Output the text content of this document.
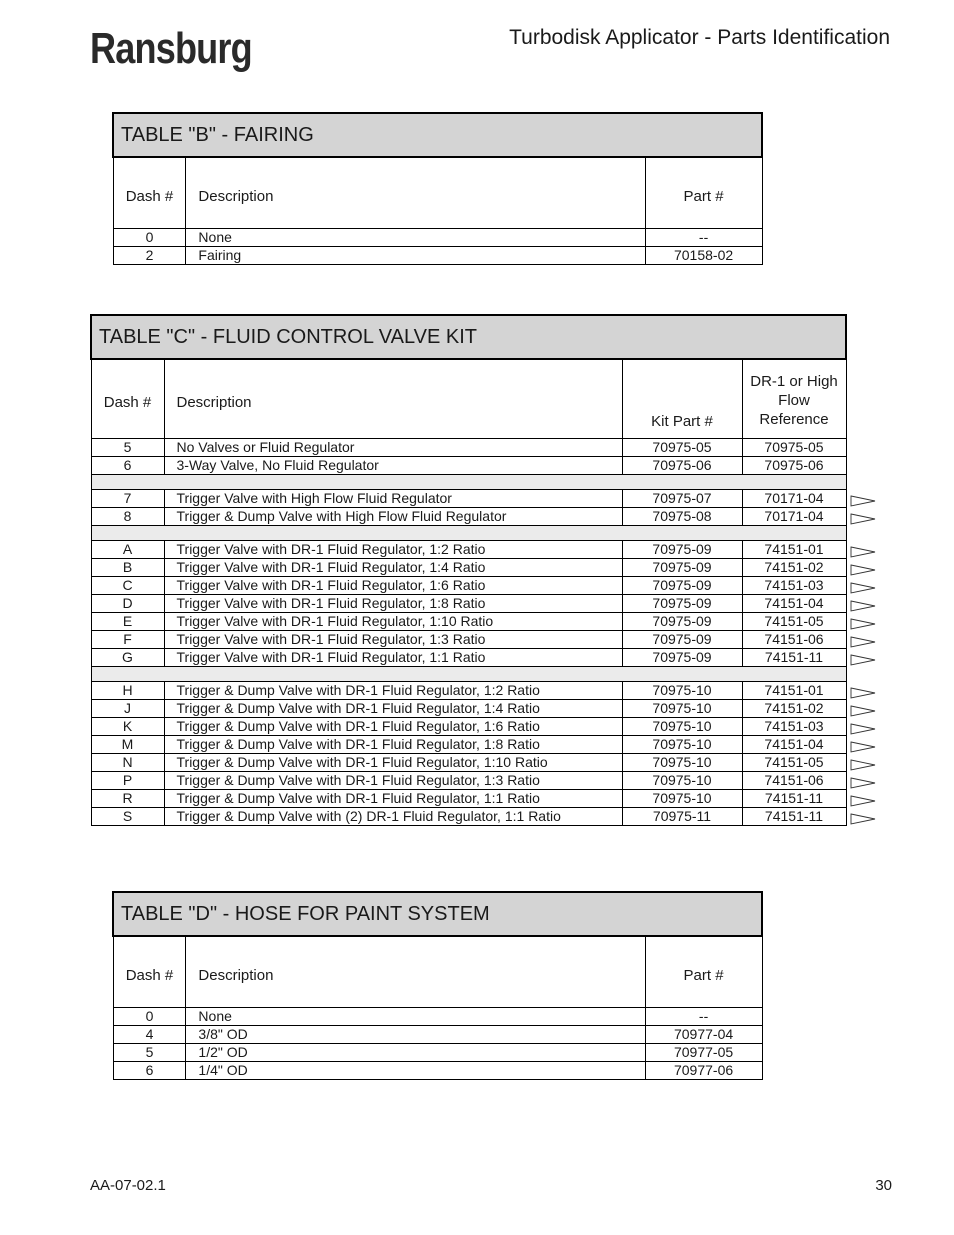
Ransburg	Turbodisk Applicator - Parts Identification
TABLE "B" - FAIRING		
Dash #	Description	Part #
0	None	--
2	Fairing	70158-02
TABLE "C" - FLUID CONTROL VALVE KIT			
Dash #	Description	Kit Part #	DR-1 or High Flow Reference
5	No Valves or Fluid Regulator	70975-05	70975-05
6	3-Way Valve, No Fluid Regulator	70975-06	70975-06

7	Trigger Valve with High Flow Fluid Regulator	70975-07	70171-04
8	Trigger & Dump Valve with High Flow Fluid Regulator	70975-08	70171-04

A	Trigger Valve with DR-1 Fluid Regulator, 1:2 Ratio	70975-09	74151-01
B	Trigger Valve with DR-1 Fluid Regulator, 1:4 Ratio	70975-09	74151-02
C	Trigger Valve with DR-1 Fluid Regulator, 1:6 Ratio	70975-09	74151-03
D	Trigger Valve with DR-1 Fluid Regulator, 1:8 Ratio	70975-09	74151-04
E	Trigger Valve with DR-1 Fluid Regulator, 1:10 Ratio	70975-09	74151-05
F	Trigger Valve with DR-1 Fluid Regulator, 1:3 Ratio	70975-09	74151-06
G	Trigger Valve with DR-1 Fluid Regulator, 1:1 Ratio	70975-09	74151-11

H	Trigger & Dump Valve with DR-1 Fluid Regulator, 1:2 Ratio	70975-10	74151-01
J	Trigger & Dump Valve with DR-1 Fluid Regulator, 1:4 Ratio	70975-10	74151-02
K	Trigger & Dump Valve with DR-1 Fluid Regulator, 1:6 Ratio	70975-10	74151-03
M	Trigger & Dump Valve with DR-1 Fluid Regulator, 1:8 Ratio	70975-10	74151-04
N	Trigger & Dump Valve with DR-1 Fluid Regulator, 1:10 Ratio	70975-10	74151-05
P	Trigger & Dump Valve with DR-1 Fluid Regulator, 1:3 Ratio	70975-10	74151-06
R	Trigger & Dump Valve with DR-1 Fluid Regulator, 1:1 Ratio	70975-10	74151-11
S	Trigger & Dump Valve with (2) DR-1 Fluid Regulator, 1:1 Ratio	70975-11	74151-11
TABLE "D" - HOSE FOR PAINT SYSTEM		
Dash #	Description	Part #
0	None	--
4	3/8" OD	70977-04
5	1/2" OD	70977-05
6	1/4" OD	70977-06
AA-07-02.1	30
